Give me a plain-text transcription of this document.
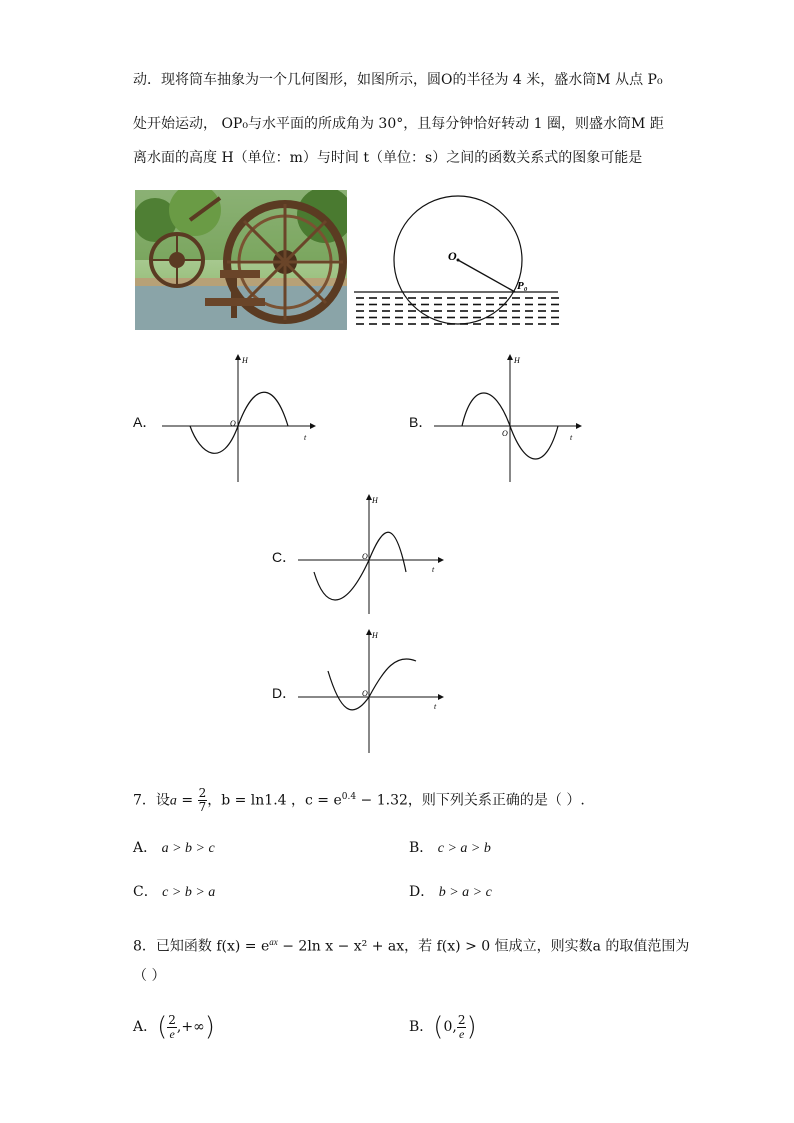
动．现将筒车抽象为一个几何图形，如图所示，圆O的半径为 4 米，盛水筒M 从点 P₀
处开始运动， OP₀与水平面的所成角为 30°，且每分钟恰好转动 1 圈，则盛水筒M 距
离水面的高度 H（单位：m）与时间 t（单位：s）之间的函数关系式的图象可能是
O
P₀
A．
H
t
O	B．
H
t
O
C．
H
t
O
D．
H
t
O
7．设$a = \frac{2}{7}$ ，b = ln1.4 ，$c = e^{0.4} - 1.32$，则下列关系正确的是（ ）.
A． a > b > c	B． c > a > b
C． c > b > a	D． b > a > c
8．已知函数 $f(x) = e^{ax} - 2\ln$ x − x² + ax，若 f(x) > 0 恒成立，则实数a 的取值范围为
（ ）
A．( $\frac{2}{e}$ ,+∞)	B．(0, $\frac{2}{e}$ )
